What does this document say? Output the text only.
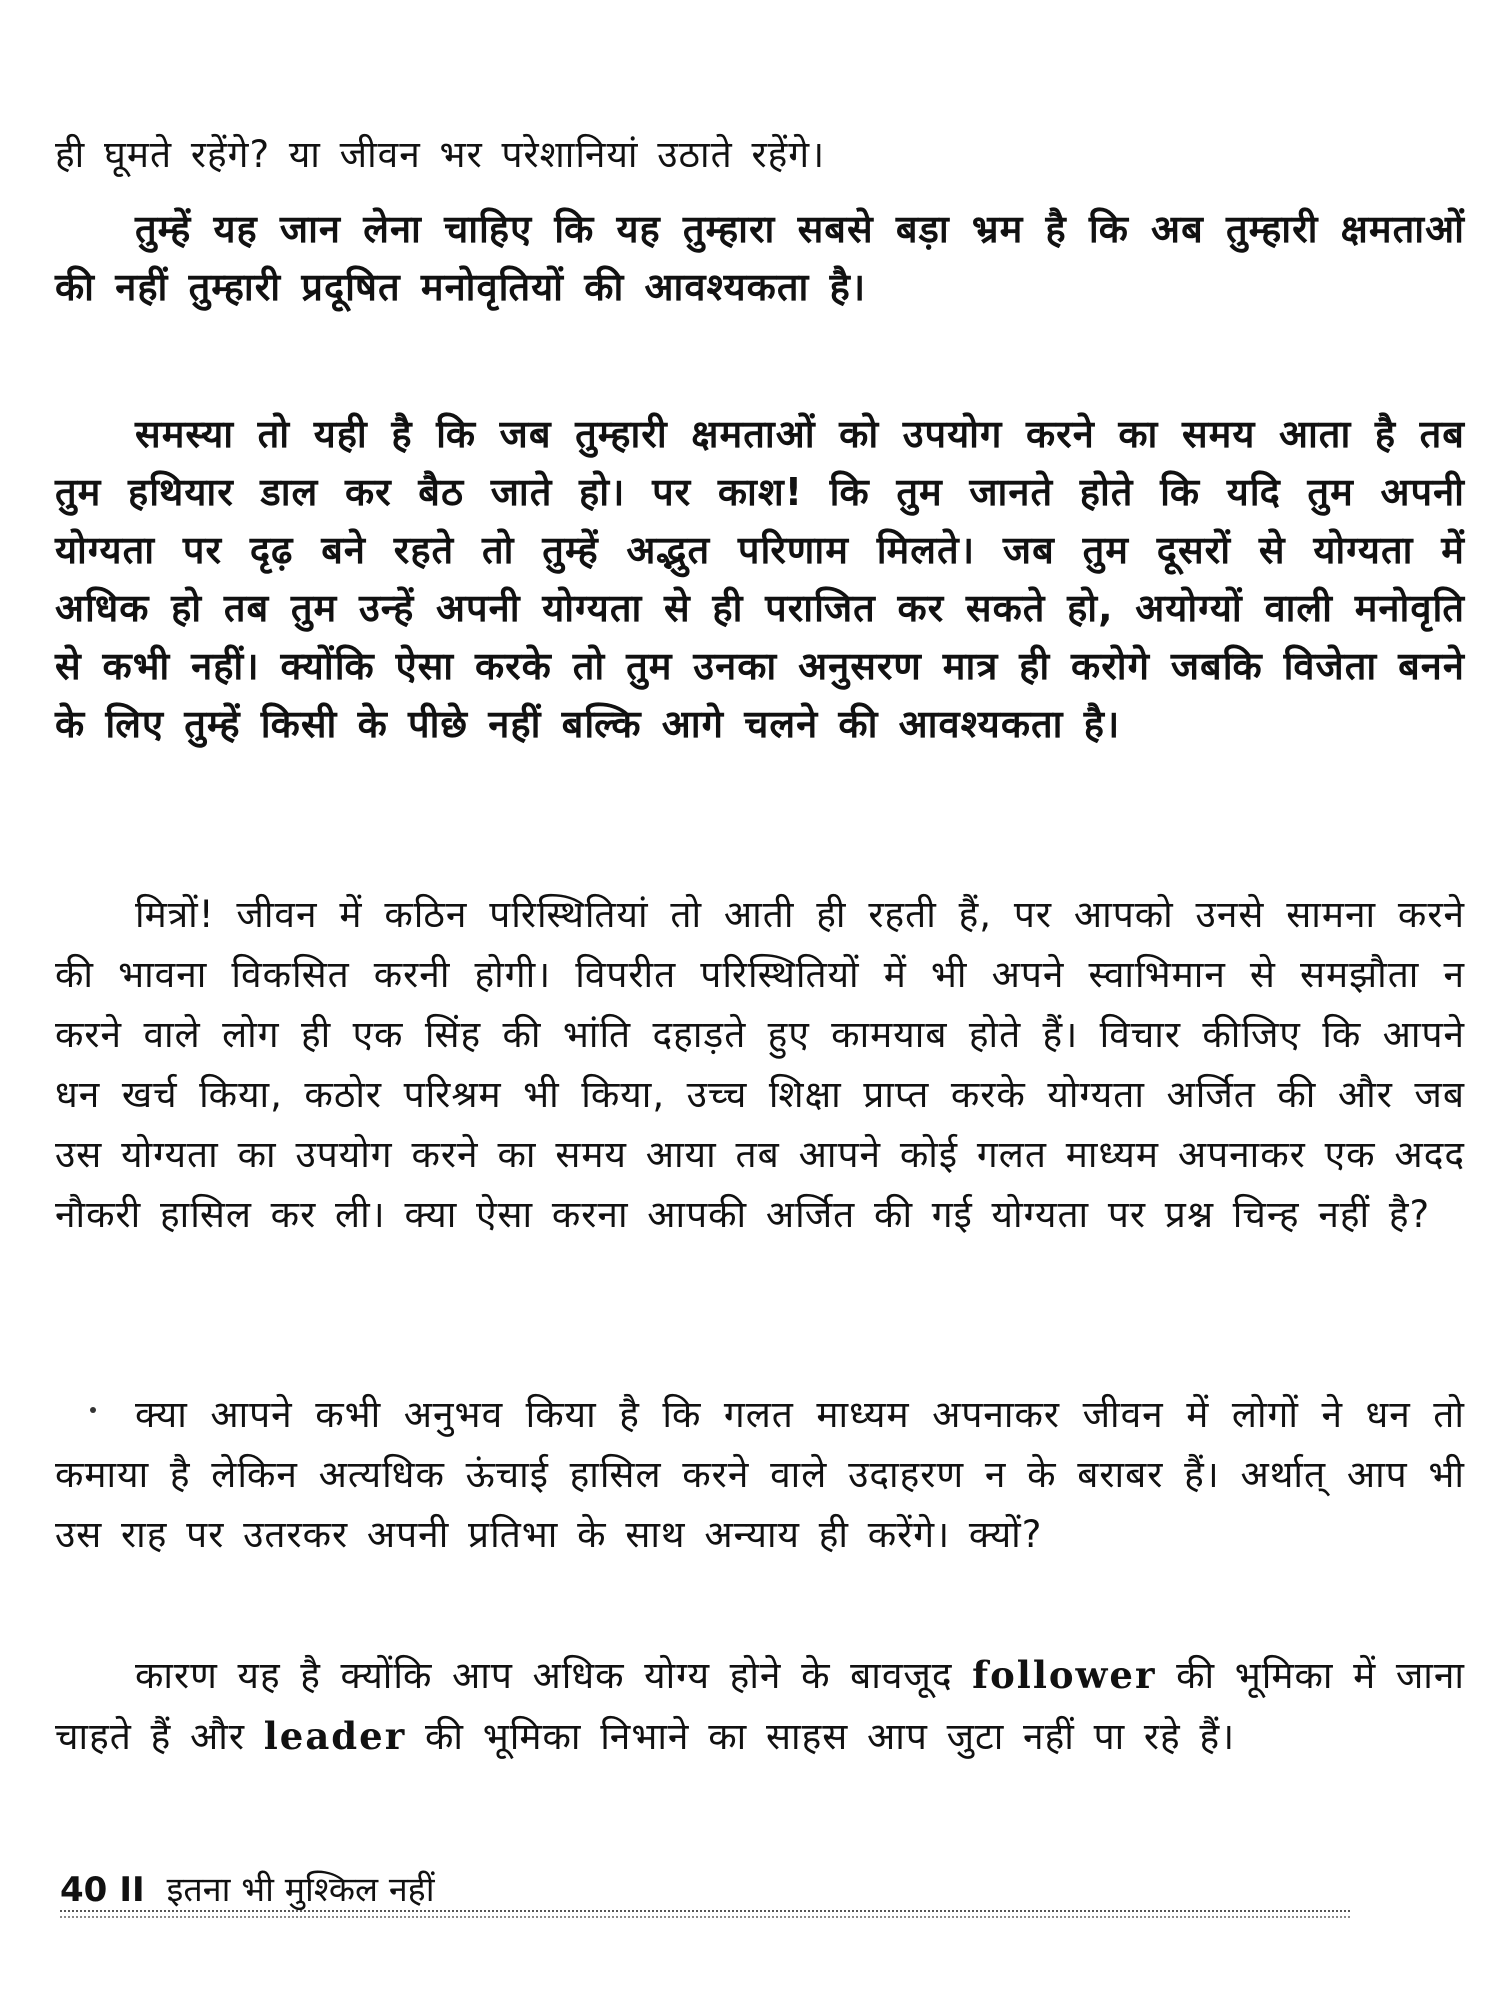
ही घूमते रहेंगे? या जीवन भर परेशानियां उठाते रहेंगे।

तुम्हें यह जान लेना चाहिए कि यह तुम्हारा सबसे बड़ा भ्रम है कि अब तुम्हारी क्षमताओं की नहीं तुम्हारी प्रदूषित मनोवृतियों की आवश्यकता है।

समस्या तो यही है कि जब तुम्हारी क्षमताओं को उपयोग करने का समय आता है तब तुम हथियार डाल कर बैठ जाते हो। पर काश! कि तुम जानते होते कि यदि तुम अपनी योग्यता पर दृढ़ बने रहते तो तुम्हें अद्भुत परिणाम मिलते। जब तुम दूसरों से योग्यता में अधिक हो तब तुम उन्हें अपनी योग्यता से ही पराजित कर सकते हो, अयोग्यों वाली मनोवृति से कभी नहीं। क्योंकि ऐसा करके तो तुम उनका अनुसरण मात्र ही करोगे जबकि विजेता बनने के लिए तुम्हें किसी के पीछे नहीं बल्कि आगे चलने की आवश्यकता है।

मित्रों! जीवन में कठिन परिस्थितियां तो आती ही रहती हैं, पर आपको उनसे सामना करने की भावना विकसित करनी होगी। विपरीत परिस्थितियों में भी अपने स्वाभिमान से समझौता न करने वाले लोग ही एक सिंह की भांति दहाड़ते हुए कामयाब होते हैं। विचार कीजिए कि आपने धन खर्च किया, कठोर परिश्रम भी किया, उच्च शिक्षा प्राप्त करके योग्यता अर्जित की और जब उस योग्यता का उपयोग करने का समय आया तब आपने कोई गलत माध्यम अपनाकर एक अदद नौकरी हासिल कर ली। क्या ऐसा करना आपकी अर्जित की गई योग्यता पर प्रश्न चिन्ह नहीं है?

क्या आपने कभी अनुभव किया है कि गलत माध्यम अपनाकर जीवन में लोगों ने धन तो कमाया है लेकिन अत्यधिक ऊंचाई हासिल करने वाले उदाहरण न के बराबर हैं। अर्थात् आप भी उस राह पर उतरकर अपनी प्रतिभा के साथ अन्याय ही करेंगे। क्यों?

कारण यह है क्योंकि आप अधिक योग्य होने के बावजूद follower की भूमिका में जाना चाहते हैं और leader की भूमिका निभाने का साहस आप जुटा नहीं पा रहे हैं।

40 II इतना भी मुश्किल नहीं
